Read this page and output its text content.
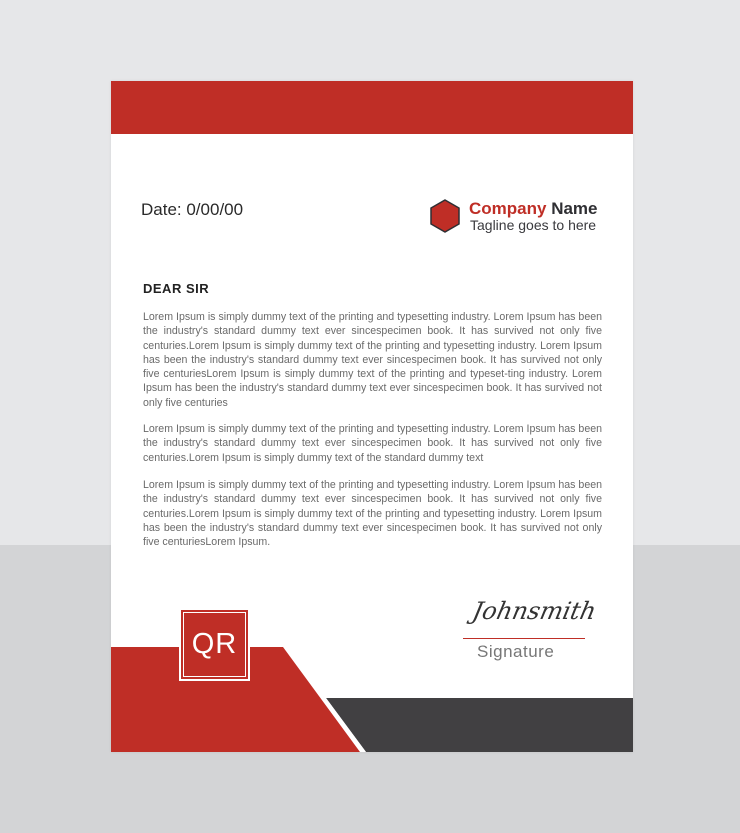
Date: 0/00/00	Company Name
Tagline goes to here
DEAR SIR

Lorem Ipsum is simply dummy text of the printing and typesetting industry. Lorem Ipsum has been the industry's standard dummy text ever sincespecimen book. It has survived not only five centuries.Lorem Ipsum is simply dummy text of the printing and typesetting industry. Lorem Ipsum has been the industry's standard dummy text ever sincespecimen book. It has survived not only five centuriesLorem Ipsum is simply dummy text of the printing and typeset-ting industry. Lorem Ipsum has been the industry's standard dummy text ever sincespecimen book. It has survived not only five centuries

Lorem Ipsum is simply dummy text of the printing and typesetting industry. Lorem Ipsum has been the industry's standard dummy text ever sincespecimen book. It has survived not only five centuries.Lorem Ipsum is simply dummy text of the standard dummy text

Lorem Ipsum is simply dummy text of the printing and typesetting industry. Lorem Ipsum has been the industry's standard dummy text ever sincespecimen book. It has survived not only five centuries.Lorem Ipsum is simply dummy text of the printing and typesetting industry. Lorem Ipsum has been the industry's standard dummy text ever sincespecimen book. It has survived not only five centuriesLorem Ipsum.

QR
Johnsmith
Signature
